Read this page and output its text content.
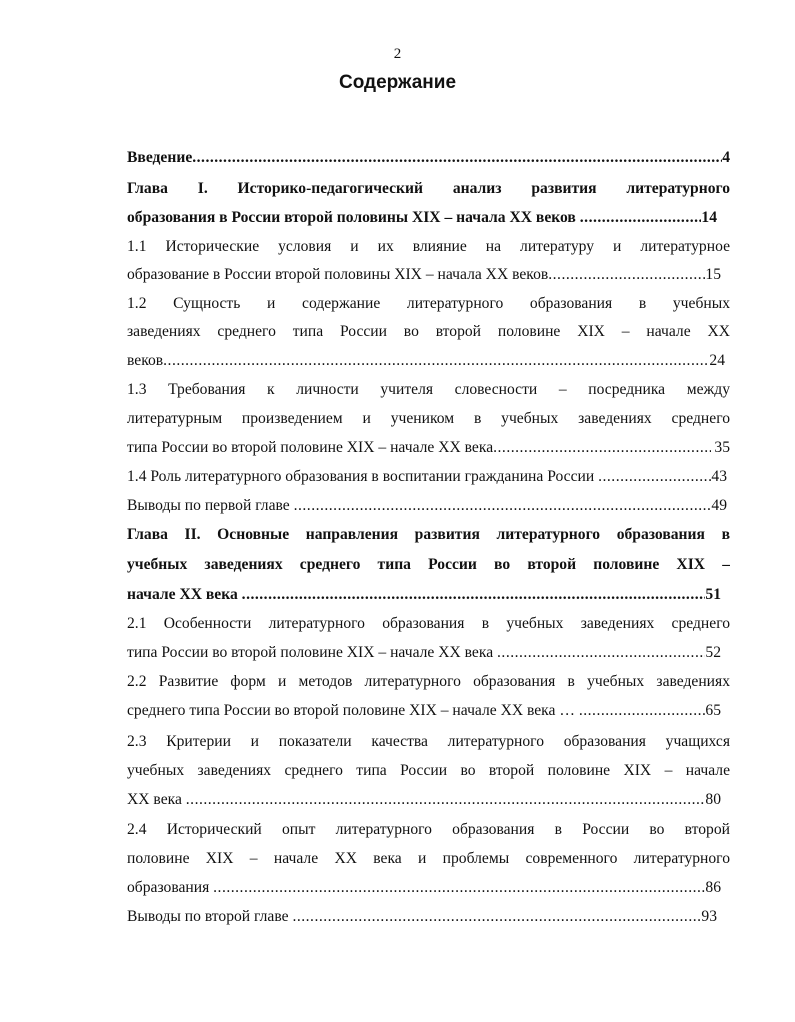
2
Содержание
Введение .....	4
Глава I. Историко-педагогический анализ развития литературного
образования в России второй половины XIX – начала XX веков .....	14
1.1 Исторические условия и их влияние на литературу и литературное
образование в России второй половины XIX – начала XX веков .....	15
1.2 Сущность и содержание литературного образования в учебных
заведениях среднего типа России во второй половине XIX – начале XX
веков .....	24
1.3 Требования к личности учителя словесности – посредника между
литературным произведением и учеником в учебных заведениях среднего
типа России во второй половине XIX – начале XX века .....	35
1.4 Роль литературного образования в воспитании гражданина России .....	43
Выводы по первой главе .....	49
Глава II. Основные направления развития литературного образования в
учебных заведениях среднего типа России во второй половине XIX –
начале XX века .....	51
2.1 Особенности литературного образования в учебных заведениях среднего
типа России во второй половине XIX – начале XX века .....	52
2.2 Развитие форм и методов литературного образования в учебных заведениях
среднего типа России во второй половине XIX – начале XX века … .....	65
2.3 Критерии и показатели качества литературного образования учащихся
учебных заведениях среднего типа России во второй половине XIX – начале
XX века .....	80
2.4 Исторический опыт литературного образования в России во второй
половине XIX – начале XX века и проблемы современного литературного
образования .....	86
Выводы по второй главе .....	93
